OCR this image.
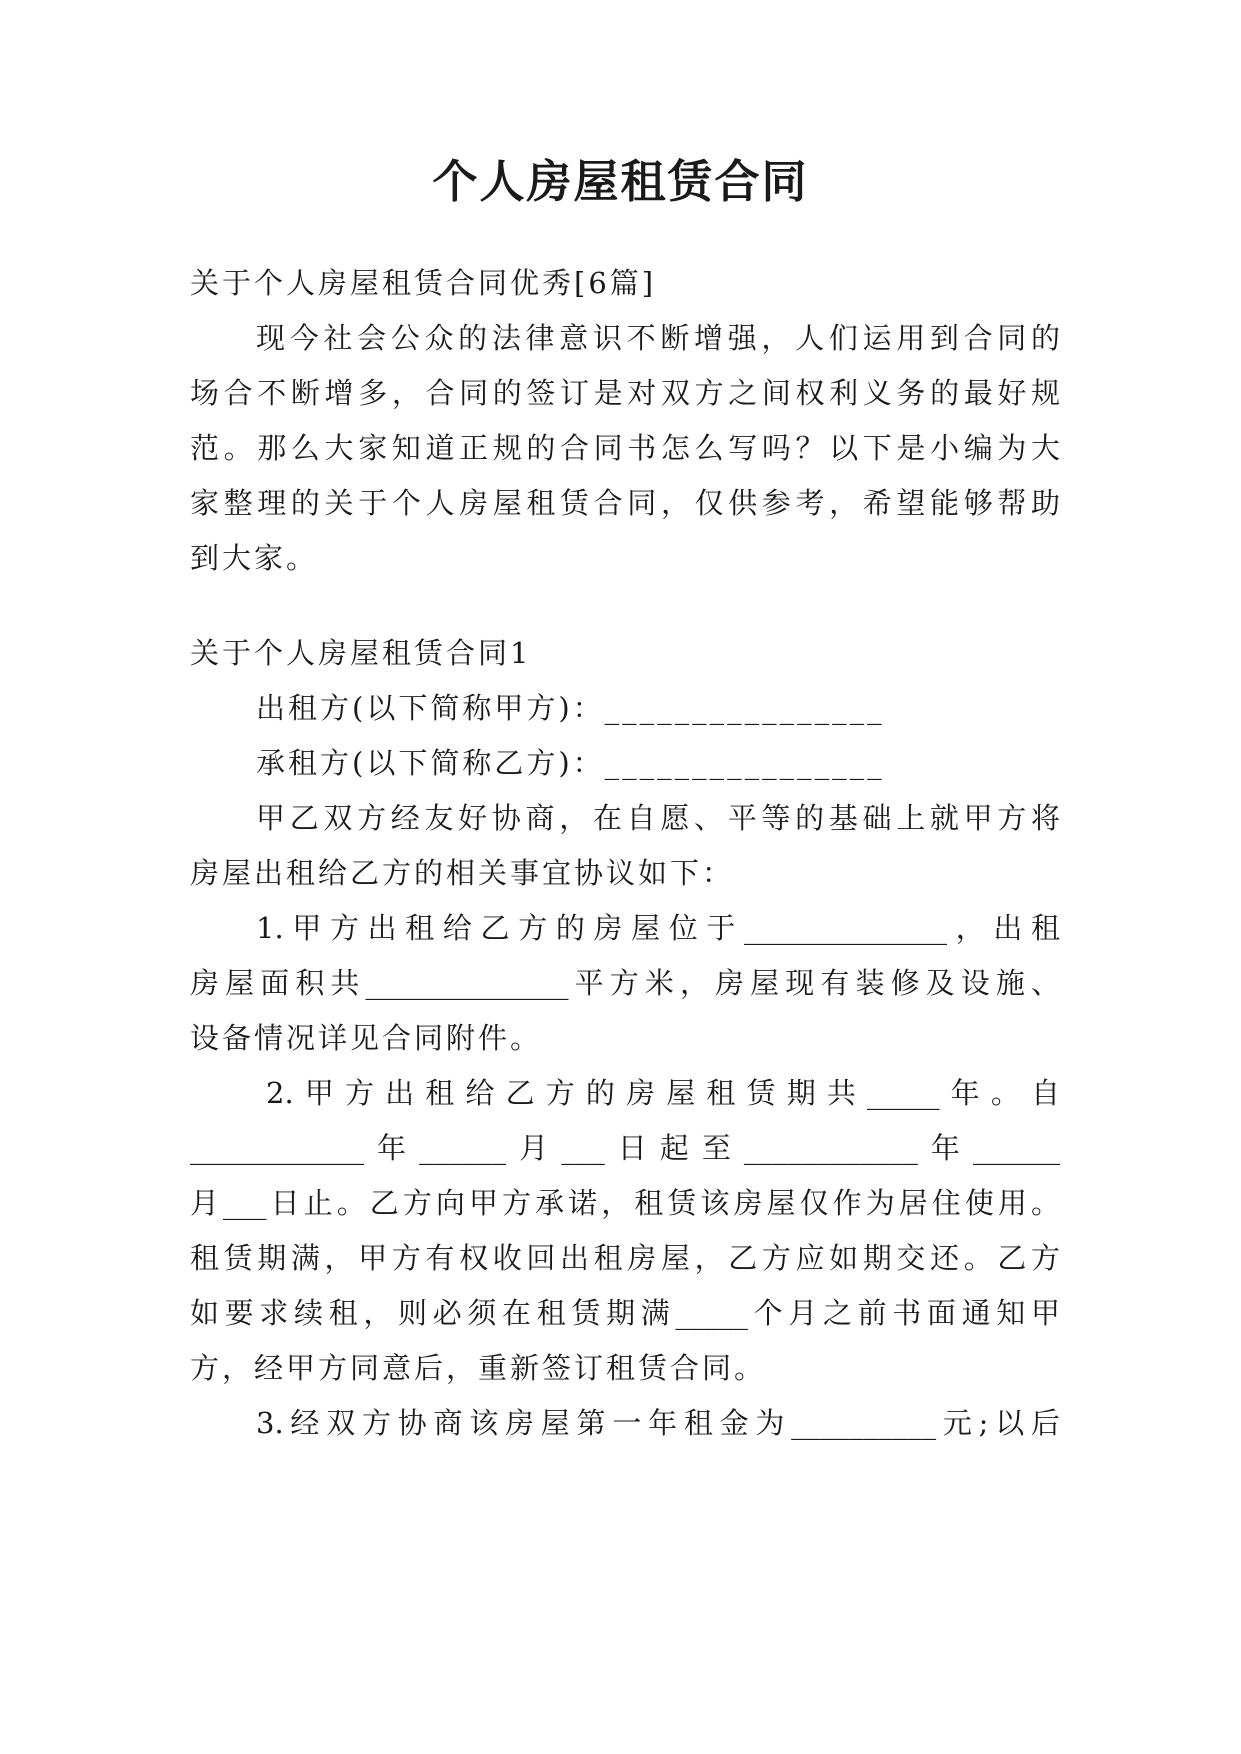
个人房屋租赁合同
关于个人房屋租赁合同优秀[6篇]
现今社会公众的法律意识不断增强，人们运用到合同的
场合不断增多，合同的签订是对双方之间权利义务的最好规
范。那么大家知道正规的合同书怎么写吗？以下是小编为大
家整理的关于个人房屋租赁合同，仅供参考，希望能够帮助
到大家。
关于个人房屋租赁合同1
出租方(以下简称甲方)：________________
承租方(以下简称乙方)：________________
甲乙双方经友好协商，在自愿、平等的基础上就甲方将
房屋出租给乙方的相关事宜协议如下：
1.甲方出租给乙方的房屋位于______________，出租
房屋面积共______________平方米，房屋现有装修及设施、
设备情况详见合同附件。
2.甲方出租给乙方的房屋租赁期共_____年。自
____________年______月___日起至____________年______
月___日止。乙方向甲方承诺，租赁该房屋仅作为居住使用。
租赁期满，甲方有权收回出租房屋，乙方应如期交还。乙方
如要求续租，则必须在租赁期满_____个月之前书面通知甲
方，经甲方同意后，重新签订租赁合同。
3.经双方协商该房屋第一年租金为__________元;以后
